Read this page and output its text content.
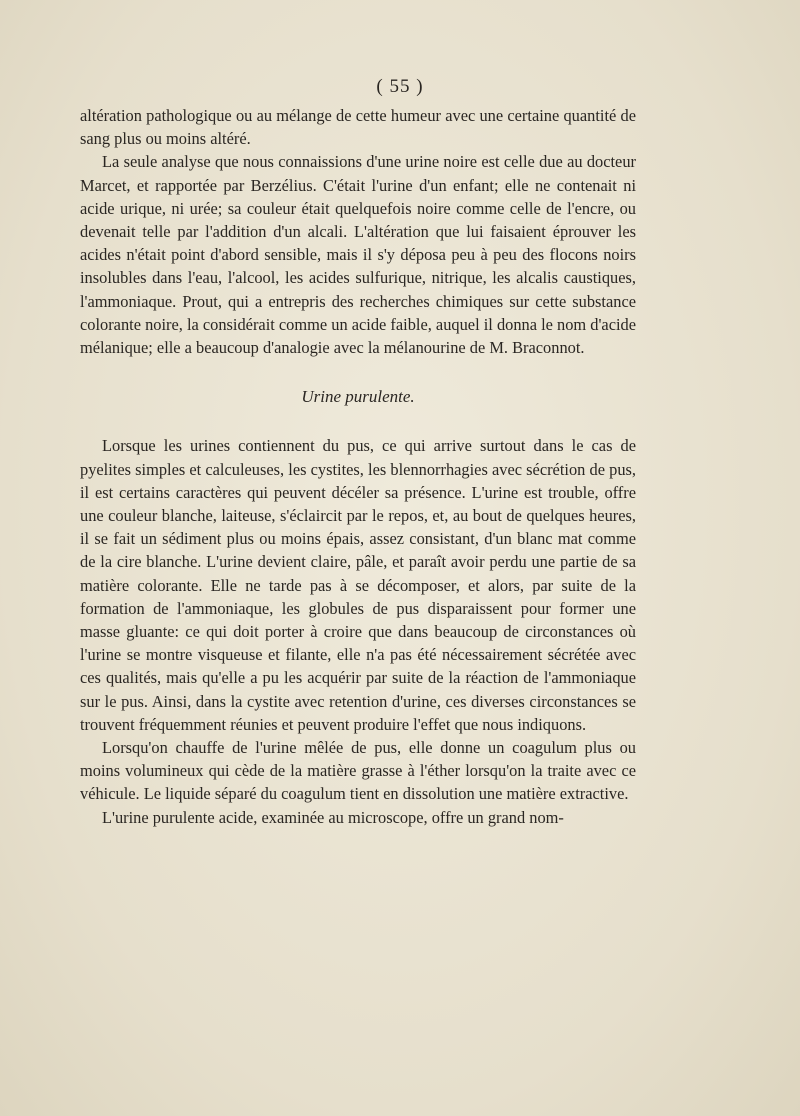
( 55 )

altération pathologique ou au mélange de cette humeur avec une certaine quantité de sang plus ou moins altéré.

La seule analyse que nous connaissions d'une urine noire est celle due au docteur Marcet, et rapportée par Berzélius. C'était l'urine d'un enfant; elle ne contenait ni acide urique, ni urée; sa couleur était quelquefois noire comme celle de l'encre, ou devenait telle par l'addition d'un alcali. L'altération que lui faisaient éprouver les acides n'était point d'abord sensible, mais il s'y déposa peu à peu des flocons noirs insolubles dans l'eau, l'alcool, les acides sulfurique, nitrique, les alcalis caustiques, l'ammoniaque. Prout, qui a entrepris des recherches chimiques sur cette substance colorante noire, la considérait comme un acide faible, auquel il donna le nom d'acide mélanique; elle a beaucoup d'analogie avec la mélanourine de M. Braconnot.

Urine purulente.

Lorsque les urines contiennent du pus, ce qui arrive surtout dans le cas de pyelites simples et calculeuses, les cystites, les blennorrhagies avec sécrétion de pus, il est certains caractères qui peuvent décéler sa présence. L'urine est trouble, offre une couleur blanche, laiteuse, s'éclaircit par le repos, et, au bout de quelques heures, il se fait un sédiment plus ou moins épais, assez consistant, d'un blanc mat comme de la cire blanche. L'urine devient claire, pâle, et paraît avoir perdu une partie de sa matière colorante. Elle ne tarde pas à se décomposer, et alors, par suite de la formation de l'ammoniaque, les globules de pus disparaissent pour former une masse gluante: ce qui doit porter à croire que dans beaucoup de circonstances où l'urine se montre visqueuse et filante, elle n'a pas été nécessairement sécrétée avec ces qualités, mais qu'elle a pu les acquérir par suite de la réaction de l'ammoniaque sur le pus. Ainsi, dans la cystite avec retention d'urine, ces diverses circonstances se trouvent fréquemment réunies et peuvent produire l'effet que nous indiquons.

Lorsqu'on chauffe de l'urine mêlée de pus, elle donne un coagulum plus ou moins volumineux qui cède de la matière grasse à l'éther lorsqu'on la traite avec ce véhicule. Le liquide séparé du coagulum tient en dissolution une matière extractive.

L'urine purulente acide, examinée au microscope, offre un grand nom-
